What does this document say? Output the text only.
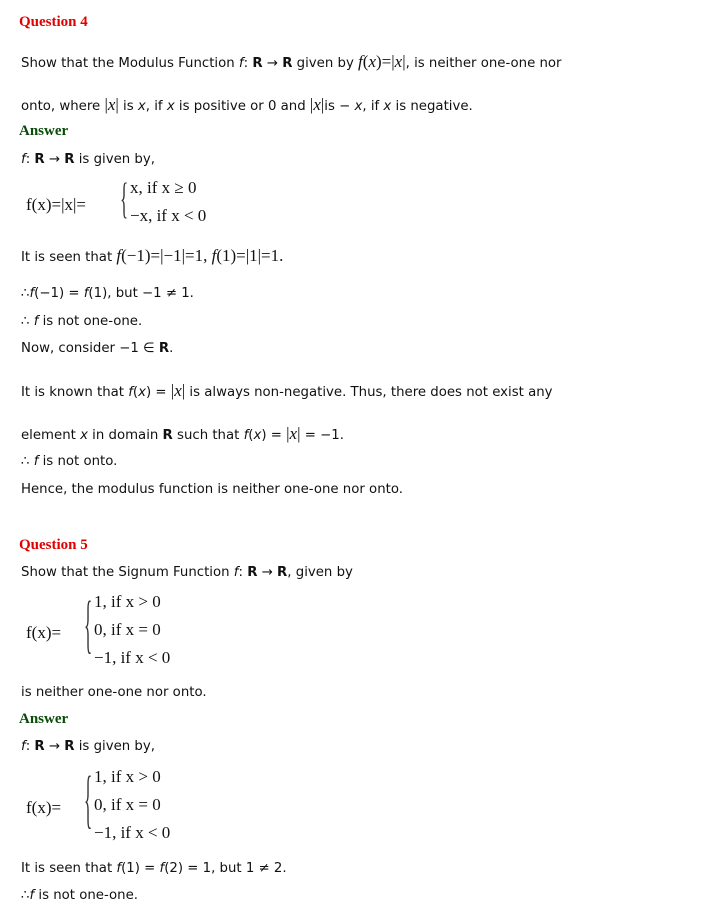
Question 4
Show that the Modulus Function f: R → R given by f(x)=|x|, is neither one-one nor
onto, where |x| is x, if x is positive or 0 and |x|is − x, if x is negative.
Answer
f: R → R is given by,
f(x)=|x|= { x, if x ≥ 0
−x, if x < 0
It is seen that f(−1)=|−1|=1, f(1)=|1|=1.
∴f(−1) = f(1), but −1 ≠ 1.
∴ f is not one-one.
Now, consider −1 ∈ R.
It is known that f(x) = |x| is always non-negative. Thus, there does not exist any
element x in domain R such that f(x) = |x| = −1.
∴ f is not onto.
Hence, the modulus function is neither one-one nor onto.
Question 5
Show that the Signum Function f: R → R, given by
f(x)= { 1, if x > 0
0, if x = 0
−1, if x < 0
is neither one-one nor onto.
Answer
f: R → R is given by,
f(x)= { 1, if x > 0
0, if x = 0
−1, if x < 0
It is seen that f(1) = f(2) = 1, but 1 ≠ 2.
∴f is not one-one.
